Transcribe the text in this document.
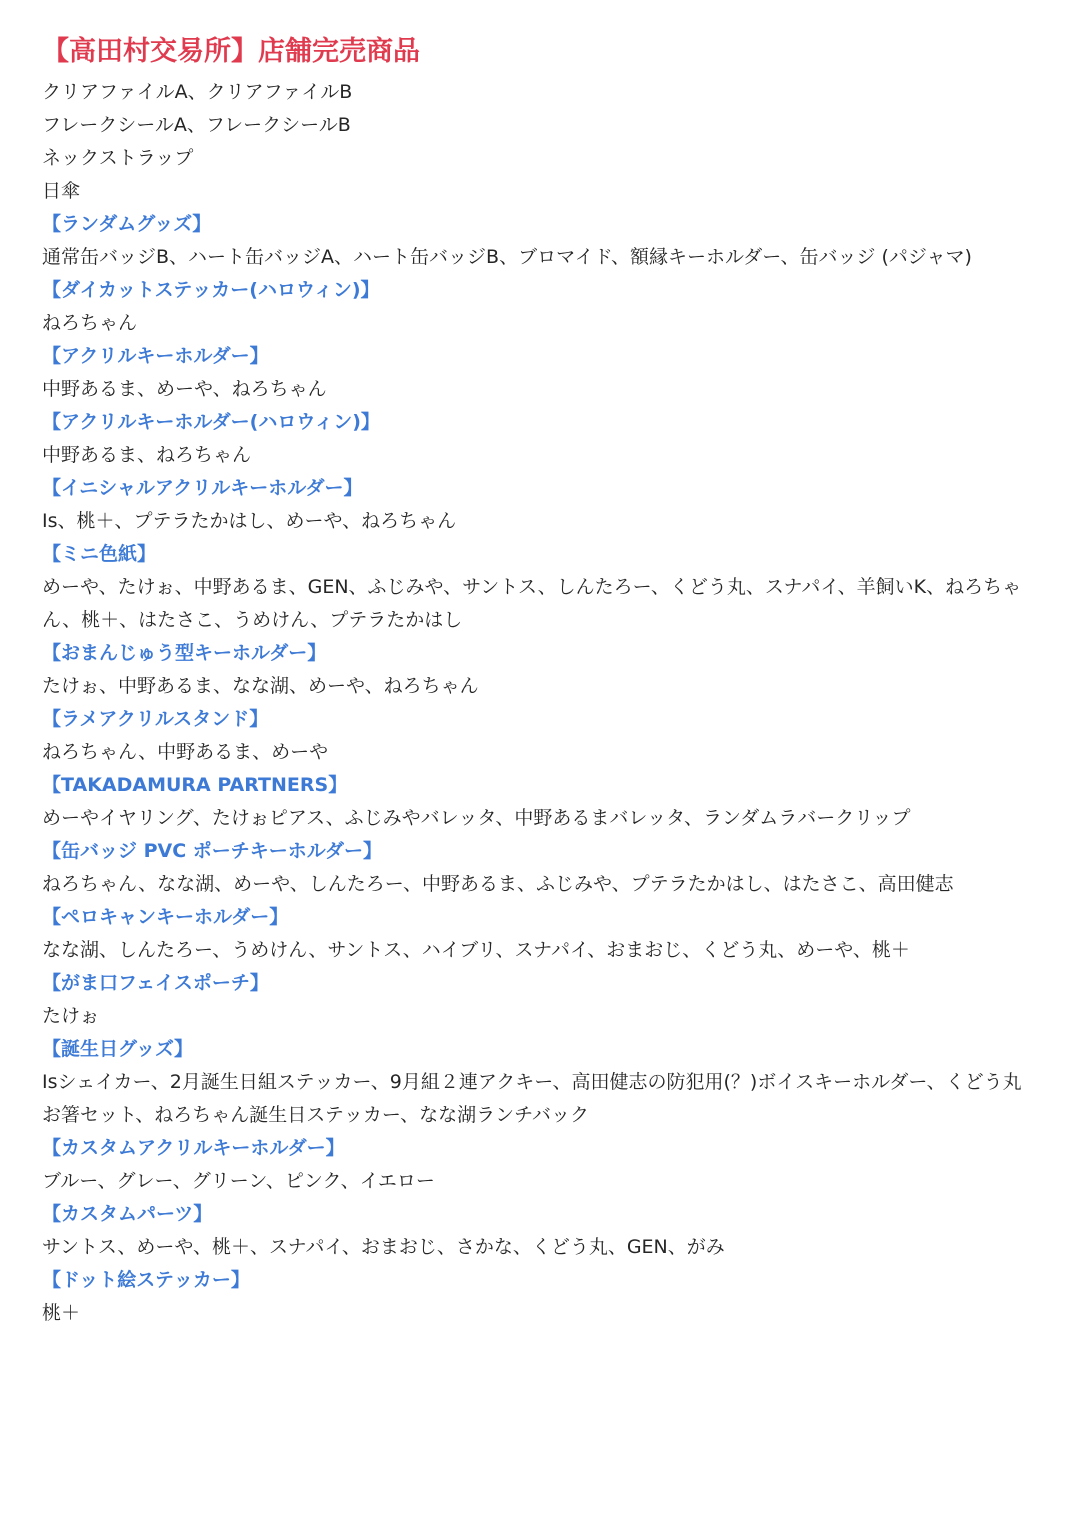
【高田村交易所】店舗完売商品
クリアファイルA、クリアファイルB
フレークシールA、フレークシールB
ネックストラップ
日傘
【ランダムグッズ】
通常缶バッジB、ハート缶バッジA、ハート缶バッジB、ブロマイド、額縁キーホルダー、缶バッジ (パジャマ)
【ダイカットステッカー(ハロウィン)】
ねろちゃん
【アクリルキーホルダー】
中野あるま、めーや、ねろちゃん
【アクリルキーホルダー(ハロウィン)】
中野あるま、ねろちゃん
【イニシャルアクリルキーホルダー】
Is、桃＋、プテラたかはし、めーや、ねろちゃん
【ミニ色紙】
めーや、たけぉ、中野あるま、GEN、ふじみや、サントス、しんたろー、くどう丸、スナパイ、羊飼いK、ねろちゃん、桃＋、はたさこ、うめけん、プテラたかはし
【おまんじゅう型キーホルダー】
たけぉ、中野あるま、なな湖、めーや、ねろちゃん
【ラメアクリルスタンド】
ねろちゃん、中野あるま、めーや
【TAKADAMURA PARTNERS】
めーやイヤリング、たけぉピアス、ふじみやバレッタ、中野あるまバレッタ、ランダムラバークリップ
【缶バッジ PVC ポーチキーホルダー】
ねろちゃん、なな湖、めーや、しんたろー、中野あるま、ふじみや、プテラたかはし、はたさこ、高田健志
【ペロキャンキーホルダー】
なな湖、しんたろー、うめけん、サントス、ハイブリ、スナパイ、おまおじ、くどう丸、めーや、桃＋
【がま口フェイスポーチ】
たけぉ
【誕生日グッズ】
Isシェイカー、2月誕生日組ステッカー、9月組２連アクキー、高田健志の防犯用(？)ボイスキーホルダー、くどう丸お箸セット、ねろちゃん誕生日ステッカー、なな湖ランチバック
【カスタムアクリルキーホルダー】
ブルー、グレー、グリーン、ピンク、イエロー
【カスタムパーツ】
サントス、めーや、桃＋、スナパイ、おまおじ、さかな、くどう丸、GEN、がみ
【ドット絵ステッカー】
桃＋
